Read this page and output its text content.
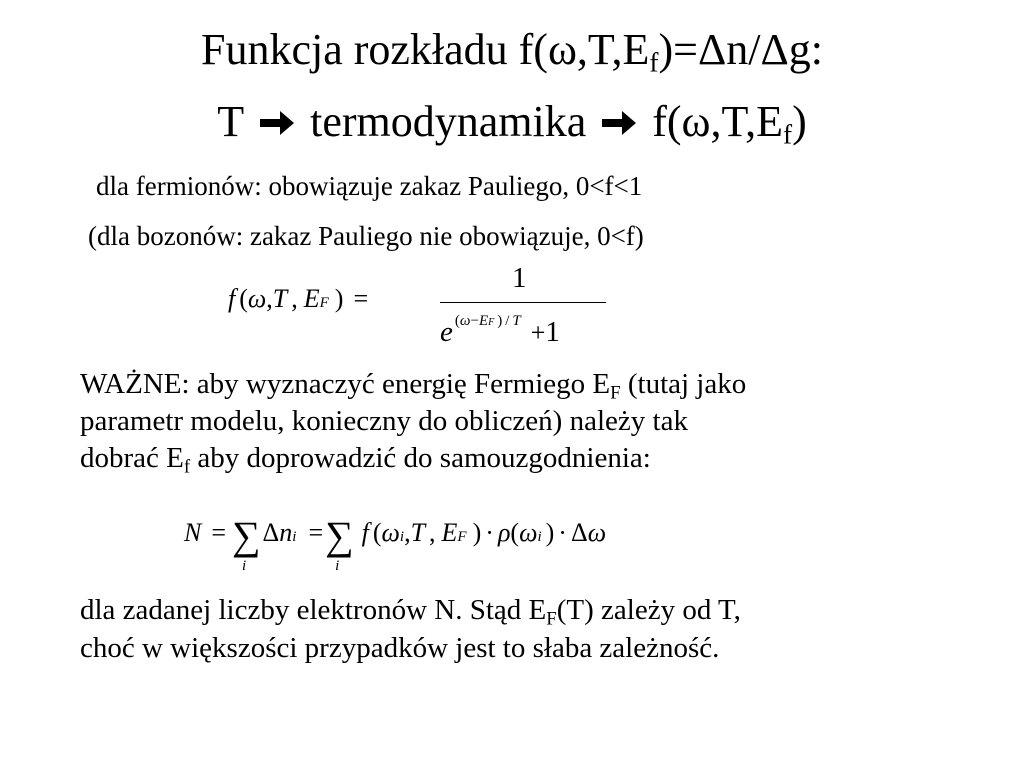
Funkcja rozkładu f(ω,T,Ef)=Δn/Δg:
T termodynamika f(ω,T,Ef)
dla fermionów: obowiązuje zakaz Pauliego, 0<f<1
(dla bozonów: zakaz Pauliego nie obowiązuje, 0<f)
f (ω,T , EF ) =
1
e (ω−EF ) / T +1
WAŻNE: aby wyznaczyć energię Fermiego $E_F$ (tutaj jako
parametr modelu, konieczny do obliczeń) należy tak
dobrać $E_f$ aby doprowadzić do samouzgodnienia:
N = ∑
i
Δni =∑
i
f (ωi,T , EF ) · ρ(ωi ) · Δω
dla zadanej liczby elektronów N. Stąd $E_F(T)$ zależy od T,
choć w większości przypadków jest to słaba zależność.
